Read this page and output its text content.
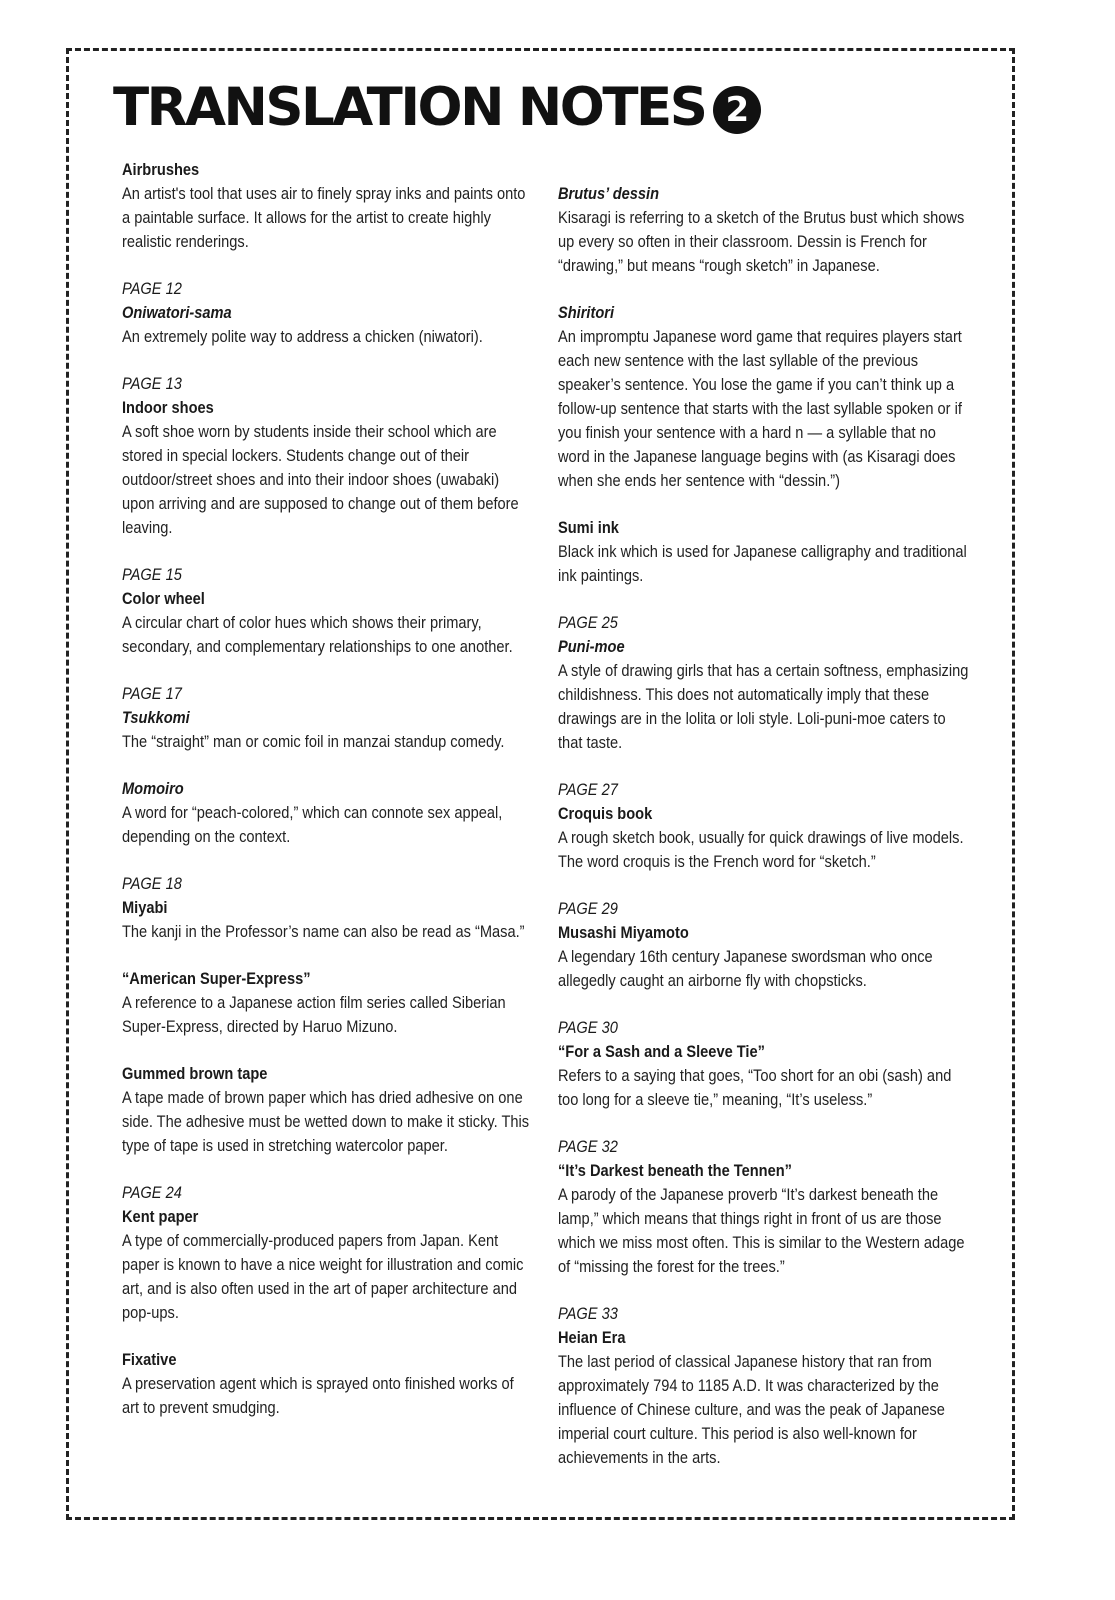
TRANSLATION NOTES 2
Airbrushes
An artist's tool that uses air to finely spray inks and paints onto a paintable surface. It allows for the artist to create highly realistic renderings.
PAGE 12
Oniwatori-sama
An extremely polite way to address a chicken (niwatori).
PAGE 13
Indoor shoes
A soft shoe worn by students inside their school which are stored in special lockers. Students change out of their outdoor/street shoes and into their indoor shoes (uwabaki) upon arriving and are supposed to change out of them before leaving.
PAGE 15
Color wheel
A circular chart of color hues which shows their primary, secondary, and complementary relationships to one another.
PAGE 17
Tsukkomi
The “straight” man or comic foil in manzai standup comedy.
Momoiro
A word for “peach-colored,” which can connote sex appeal, depending on the context.
PAGE 18
Miyabi
The kanji in the Professor’s name can also be read as “Masa.”
“American Super-Express”
A reference to a Japanese action film series called Siberian Super-Express, directed by Haruo Mizuno.
Gummed brown tape
A tape made of brown paper which has dried adhesive on one side. The adhesive must be wetted down to make it sticky. This type of tape is used in stretching watercolor paper.
PAGE 24
Kent paper
A type of commercially-produced papers from Japan. Kent paper is known to have a nice weight for illustration and comic art, and is also often used in the art of paper architecture and pop-ups.
Fixative
A preservation agent which is sprayed onto finished works of art to prevent smudging.
Brutus’ dessin
Kisaragi is referring to a sketch of the Brutus bust which shows up every so often in their classroom. Dessin is French for “drawing,” but means “rough sketch” in Japanese.
Shiritori
An impromptu Japanese word game that requires players start each new sentence with the last syllable of the previous speaker’s sentence. You lose the game if you can’t think up a follow-up sentence that starts with the last syllable spoken or if you finish your sentence with a hard n — a syllable that no word in the Japanese language begins with (as Kisaragi does when she ends her sentence with “dessin.”)
Sumi ink
Black ink which is used for Japanese calligraphy and traditional ink paintings.
PAGE 25
Puni-moe
A style of drawing girls that has a certain softness, emphasizing childishness. This does not automatically imply that these drawings are in the lolita or loli style. Loli-puni-moe caters to that taste.
PAGE 27
Croquis book
A rough sketch book, usually for quick drawings of live models. The word croquis is the French word for “sketch.”
PAGE 29
Musashi Miyamoto
A legendary 16th century Japanese swordsman who once allegedly caught an airborne fly with chopsticks.
PAGE 30
“For a Sash and a Sleeve Tie”
Refers to a saying that goes, “Too short for an obi (sash) and too long for a sleeve tie,” meaning, “It’s useless.”
PAGE 32
“It’s Darkest beneath the Tennen”
A parody of the Japanese proverb “It’s darkest beneath the lamp,” which means that things right in front of us are those which we miss most often. This is similar to the Western adage of “missing the forest for the trees.”
PAGE 33
Heian Era
The last period of classical Japanese history that ran from approximately 794 to 1185 A.D. It was characterized by the influence of Chinese culture, and was the peak of Japanese imperial court culture. This period is also well-known for achievements in the arts.
